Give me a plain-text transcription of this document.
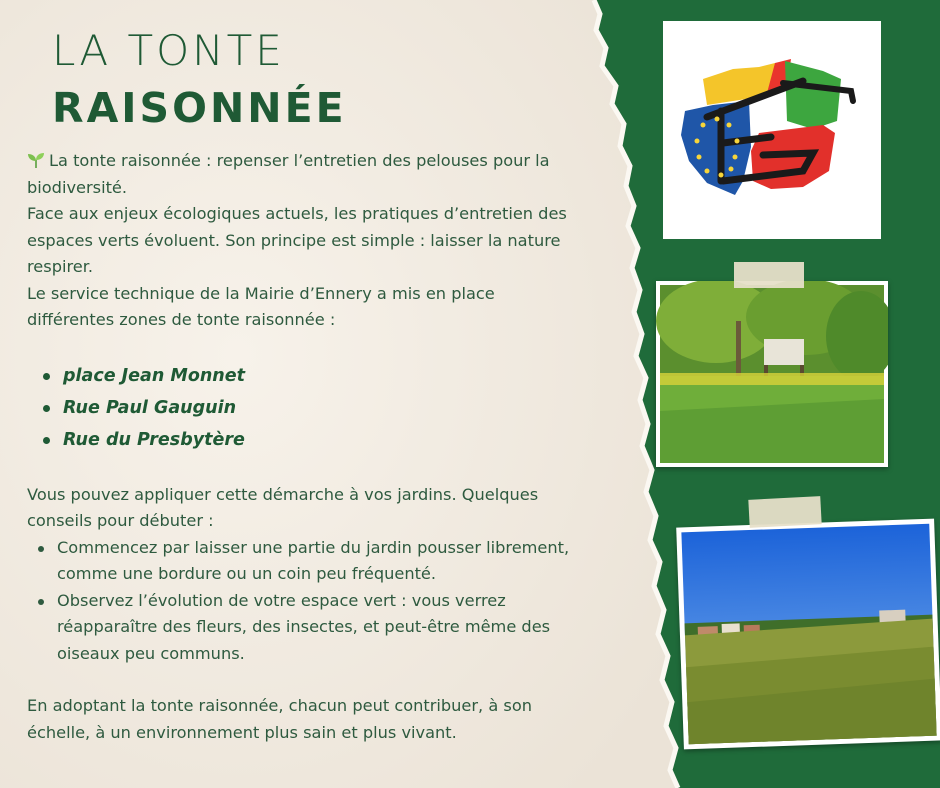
LA TONTE
RAISONNÉE

La tonte raisonnée : repenser l’entretien des pelouses pour la biodiversité.

Face aux enjeux écologiques actuels, les pratiques d’entretien des espaces verts évoluent. Son principe est simple : laisser la nature respirer.

Le service technique de la Mairie d’Ennery a mis en place différentes zones de tonte raisonnée :

place Jean Monnet
Rue Paul Gauguin
Rue du Presbytère

Vous pouvez appliquer cette démarche à vos jardins. Quelques conseils pour débuter :

Commencez par laisser une partie du jardin pousser librement, comme une bordure ou un coin peu fréquenté.
Observez l’évolution de votre espace vert : vous verrez réapparaître des fleurs, des insectes, et peut-être même des oiseaux peu communs.

En adoptant la tonte raisonnée, chacun peut contribuer, à son échelle, à un environnement plus sain et plus vivant.
